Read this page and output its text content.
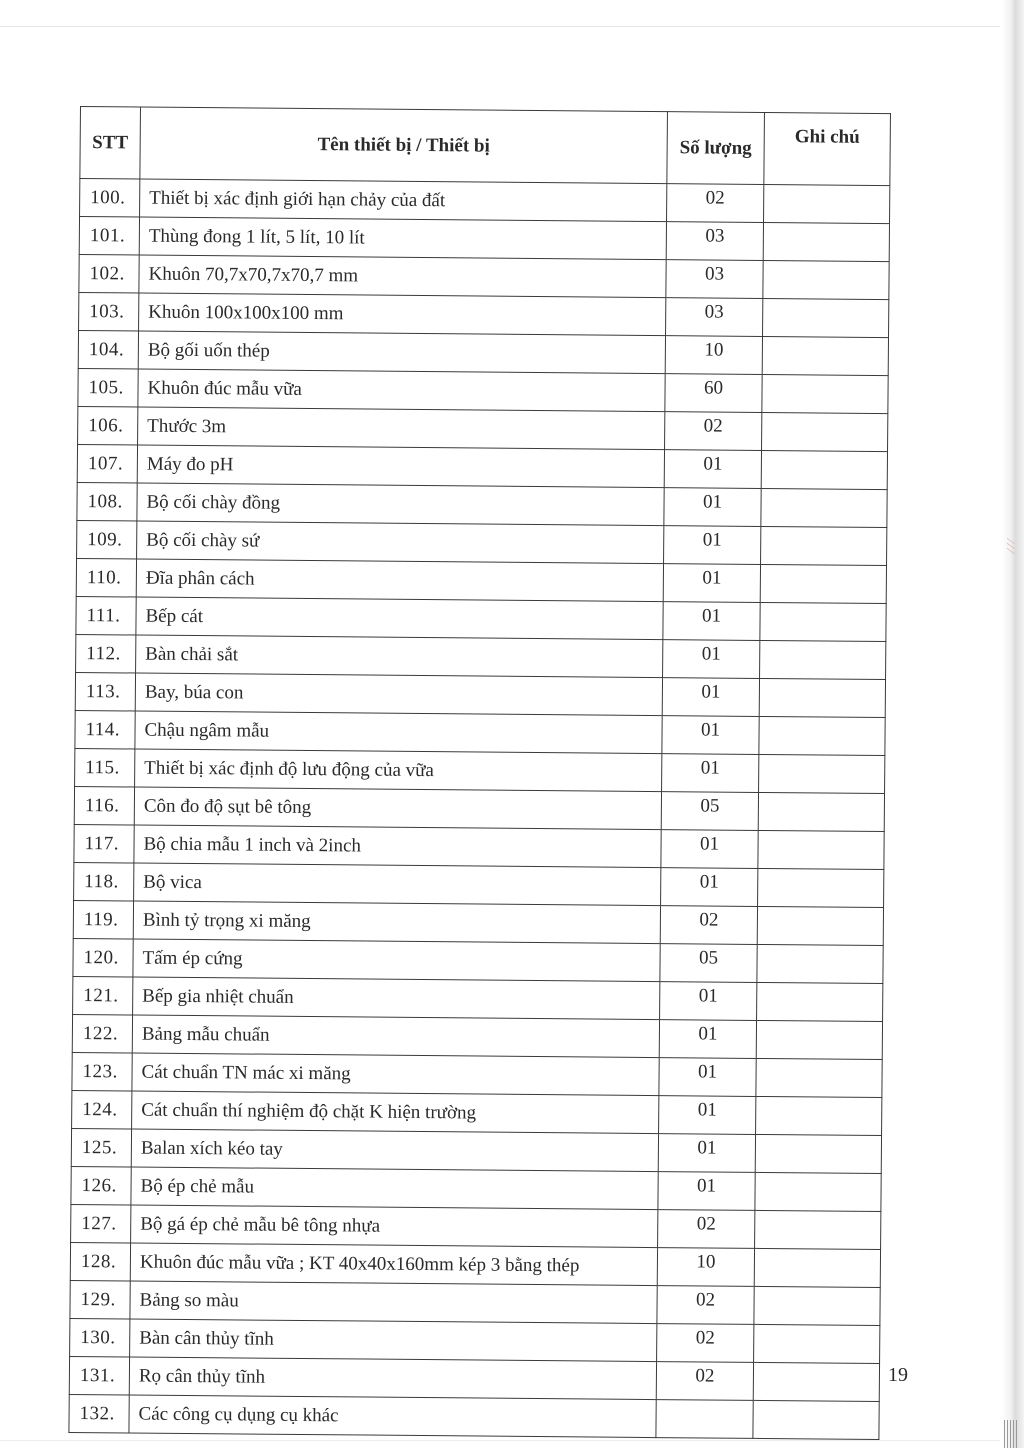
STT	Tên thiết bị / Thiết bị	Số lượng	Ghi chú
100.	Thiết bị xác định giới hạn chảy của đất	02	
101.	Thùng đong 1 lít, 5 lít, 10 lít	03	
102.	Khuôn 70,7x70,7x70,7 mm	03	
103.	Khuôn 100x100x100 mm	03	
104.	Bộ gối uốn thép	10	
105.	Khuôn đúc mẫu vữa	60	
106.	Thước 3m	02	
107.	Máy đo pH	01	
108.	Bộ cối chày đồng	01	
109.	Bộ cối chày sứ	01	
110.	Đĩa phân cách	01	
111.	Bếp cát	01	
112.	Bàn chải sắt	01	
113.	Bay, búa con	01	
114.	Chậu ngâm mẫu	01	
115.	Thiết bị xác định độ lưu động của vữa	01	
116.	Côn đo độ sụt bê tông	05	
117.	Bộ chia mẫu 1 inch và 2inch	01	
118.	Bộ vica	01	
119.	Bình tỷ trọng xi măng	02	
120.	Tấm ép cứng	05	
121.	Bếp gia nhiệt chuẩn	01	
122.	Bảng mẫu chuẩn	01	
123.	Cát chuẩn TN mác xi măng	01	
124.	Cát chuẩn thí nghiệm độ chặt K hiện trường	01	
125.	Balan xích kéo tay	01	
126.	Bộ ép chẻ mẫu	01	
127.	Bộ gá ép chẻ mẫu bê tông nhựa	02	
128.	Khuôn đúc mẫu vữa ; KT 40x40x160mm kép 3 bằng thép	10	
129.	Bảng so màu	02	
130.	Bàn cân thủy tĩnh	02	
131.	Rọ cân thủy tĩnh	02	
132.	Các công cụ dụng cụ khác		
19
⁄ ∕ ⁄
